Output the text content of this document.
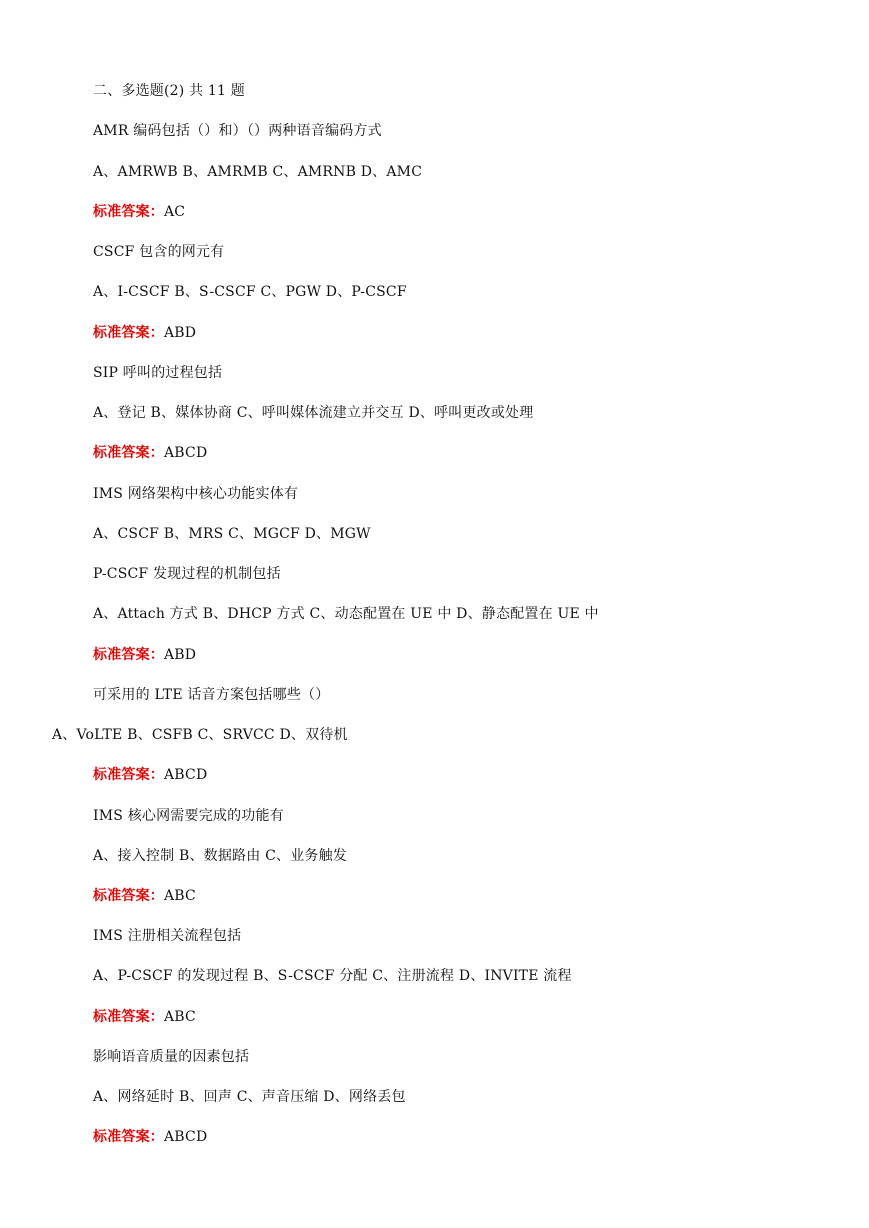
二、多选题(2) 共 11 题
AMR 编码包括（）和）（）两种语音编码方式
A、AMRWB B、AMRMB C、AMRNB D、AMC
标准答案：AC
CSCF 包含的网元有
A、I-CSCF B、S-CSCF C、PGW D、P-CSCF
标准答案：ABD
SIP 呼叫的过程包括
A、登记 B、媒体协商 C、呼叫媒体流建立并交互 D、呼叫更改或处理
标准答案：ABCD
IMS 网络架构中核心功能实体有
A、CSCF B、MRS C、MGCF D、MGW
P-CSCF 发现过程的机制包括
A、Attach 方式 B、DHCP 方式 C、动态配置在 UE 中 D、静态配置在 UE 中
标准答案：ABD
可采用的 LTE 话音方案包括哪些（）
A、VoLTE B、CSFB C、SRVCC D、双待机
标准答案：ABCD
IMS 核心网需要完成的功能有
A、接入控制 B、数据路由 C、业务触发
标准答案：ABC
IMS 注册相关流程包括
A、P-CSCF 的发现过程 B、S-CSCF 分配 C、注册流程 D、INVITE 流程
标准答案：ABC
影响语音质量的因素包括
A、网络延时 B、回声 C、声音压缩 D、网络丢包
标准答案：ABCD
